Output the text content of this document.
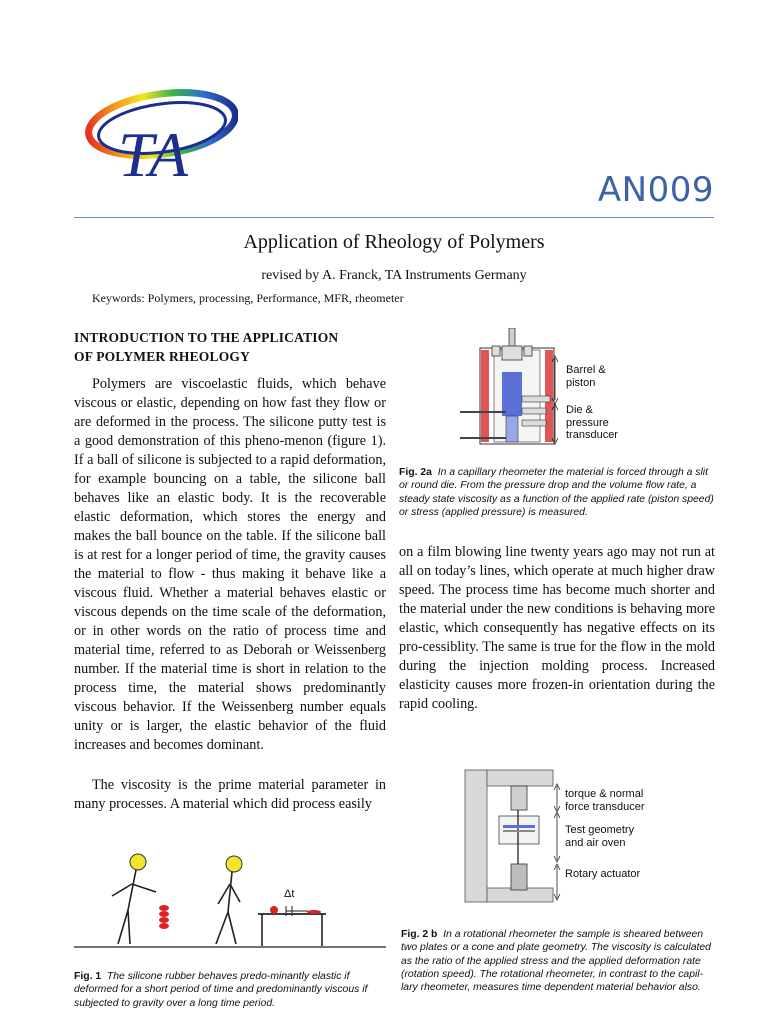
TA	AN009
Application of Rheology of Polymers
revised by A. Franck, TA Instruments Germany
Keywords: Polymers, processing, Performance, MFR, rheometer
INTRODUCTION TO THE APPLICATION
OF POLYMER RHEOLOGY
Polymers are viscoelastic fluids, which behave viscous or elastic, depending on how fast they flow or are deformed in the process. The silicone putty test is a good demonstration of this pheno-menon (figure 1). If a ball of silicone is subjected to a rapid deformation, for example bouncing on a table, the silicone ball behaves like an elastic body. It is the recoverable elastic deformation, which stores the energy and makes the ball bounce on the table. If the silicone ball is at rest for a longer period of time, the gravity causes the material to flow - thus making it behave like a viscous fluid. Whether a material behaves elastic or viscous depends on the time scale of the deformation, or in other words on the ratio of process time and material time, referred to as Deborah or Weissenberg number. If the material time is short in relation to the process time, the material shows predominantly viscous behavior. If the Weissenberg number equals unity or is larger, the elastic behavior of the fluid increases and becomes dominant.
The viscosity is the prime material parameter in many processes. A material which did process easily
on a film blowing line twenty years ago may not run at all on today’s lines, which operate at much higher draw speed. The process time has become much shorter and the material under the new conditions is behaving more elastic, which consequently has negative effects on its pro-cessiblity. The same is true for the flow in the mold during the injection molding process. Increased elasticity causes more frozen-in orientation during the rapid cooling.
Barrel &
piston
Die &
pressure
transducer
Fig. 2a In a capillary rheometer the material is forced through a slit or round die. From the pressure drop and the volume flow rate, a steady state viscosity as a function of the applied rate (piston speed) or stress (applied pressure) is measured.
torque & normal
force transducer
Test geometry
and air oven
Rotary actuator
Fig. 2 b In a rotational rheometer the sample is sheared between two plates or a cone and plate geometry. The viscosity is calculated as the ratio of the applied stress and the applied deformation rate (rotation speed). The rotational rheometer, in contrast to the capil-lary rheometer, measures time dependent material behavior also.
Δt
Fig. 1 The silicone rubber behaves predo-minantly elastic if deformed for a short period of time and predominantly viscous if subjected to gravity over a long time period.
